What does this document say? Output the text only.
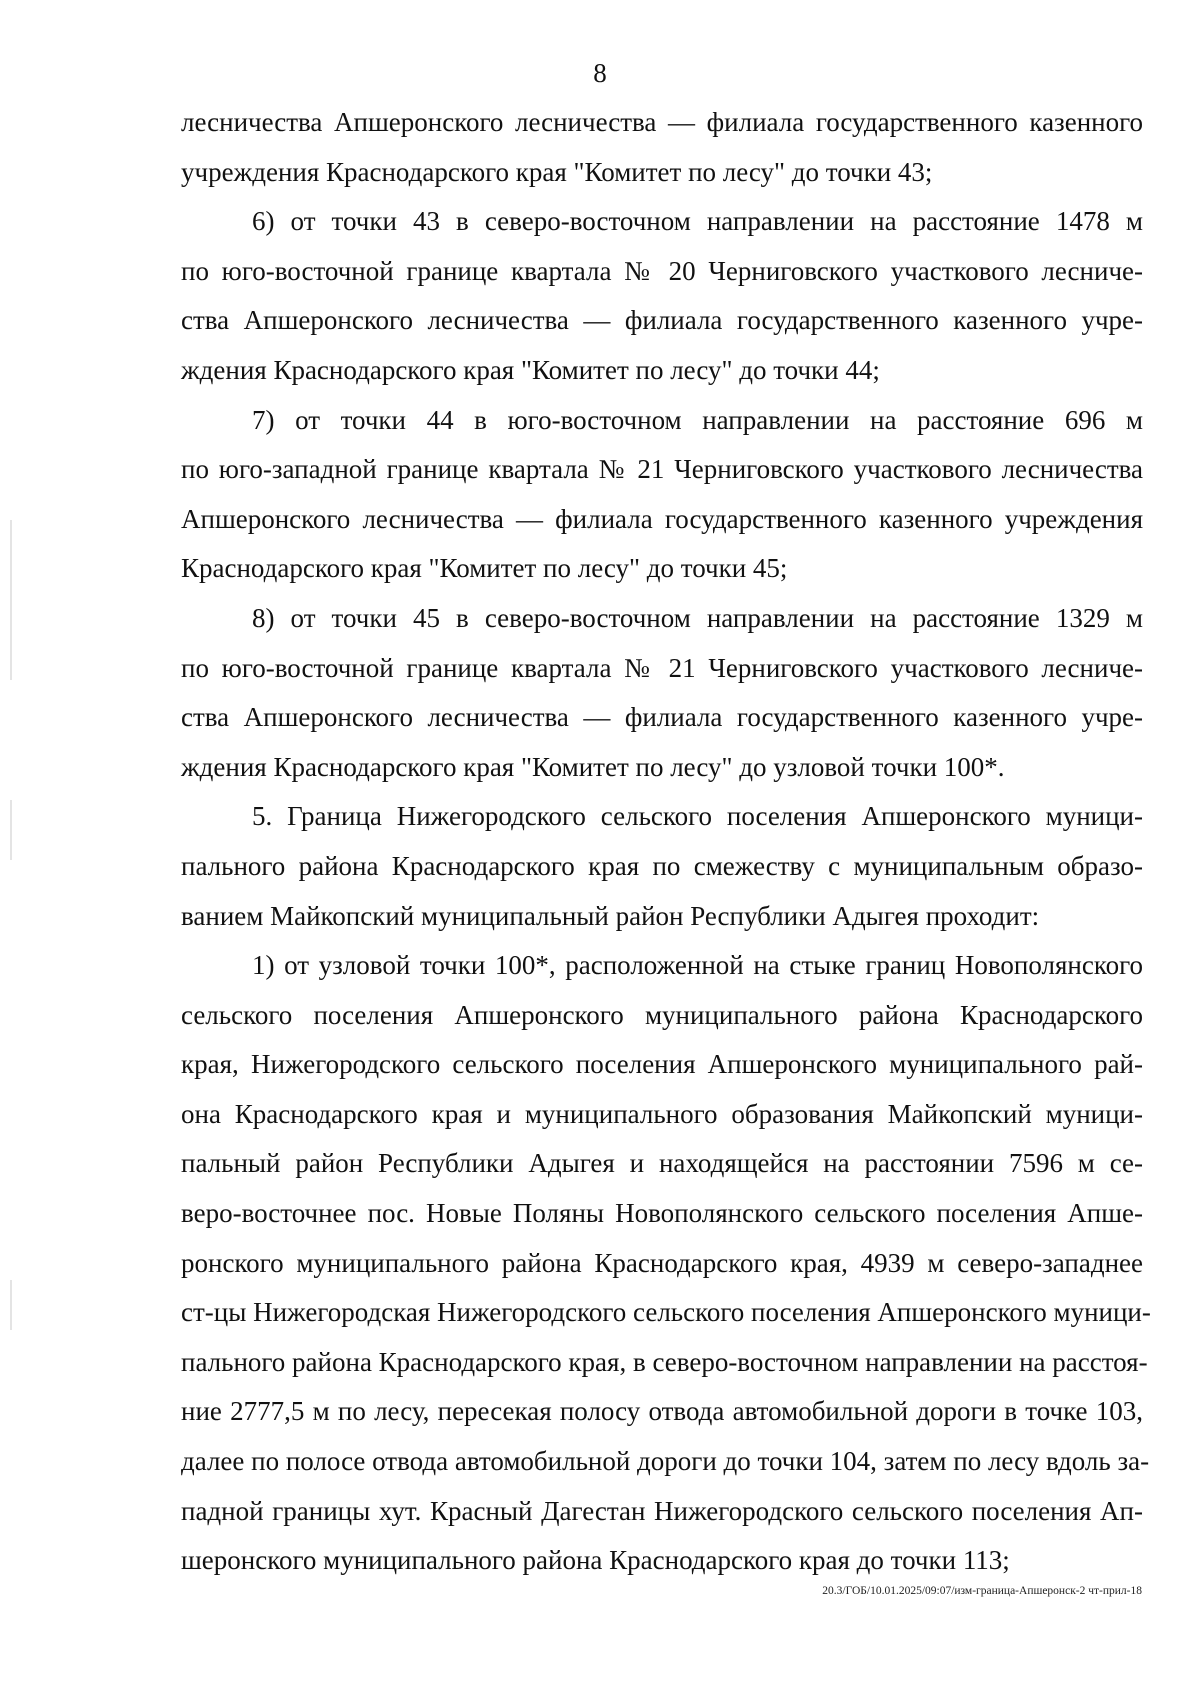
8
лесничества Апшеронского лесничества — филиала государственного казенного
учреждения Краснодарского края "Комитет по лесу" до точки 43;
6) от точки 43 в северо-восточном направлении на расстояние 1478 м
по юго-восточной границе квартала № 20 Черниговского участкового лесниче-
ства Апшеронского лесничества — филиала государственного казенного учре-
ждения Краснодарского края "Комитет по лесу" до точки 44;
7) от точки 44 в юго-восточном направлении на расстояние 696 м
по юго-западной границе квартала № 21 Черниговского участкового лесничества
Апшеронского лесничества — филиала государственного казенного учреждения
Краснодарского края "Комитет по лесу" до точки 45;
8) от точки 45 в северо-восточном направлении на расстояние 1329 м
по юго-восточной границе квартала № 21 Черниговского участкового лесниче-
ства Апшеронского лесничества — филиала государственного казенного учре-
ждения Краснодарского края "Комитет по лесу" до узловой точки 100*.
5. Граница Нижегородского сельского поселения Апшеронского муници-
пального района Краснодарского края по смежеству с муниципальным образо-
ванием Майкопский муниципальный район Республики Адыгея проходит:
1) от узловой точки 100*, расположенной на стыке границ Новополянского
сельского поселения Апшеронского муниципального района Краснодарского
края, Нижегородского сельского поселения Апшеронского муниципального рай-
она Краснодарского края и муниципального образования Майкопский муници-
пальный район Республики Адыгея и находящейся на расстоянии 7596 м се-
веро-восточнее пос. Новые Поляны Новополянского сельского поселения Апше-
ронского муниципального района Краснодарского края, 4939 м северо-западнее
ст-цы Нижегородская Нижегородского сельского поселения Апшеронского муници-
пального района Краснодарского края, в северо-восточном направлении на расстоя-
ние 2777,5 м по лесу, пересекая полосу отвода автомобильной дороги в точке 103,
далее по полосе отвода автомобильной дороги до точки 104, затем по лесу вдоль за-
падной границы хут. Красный Дагестан Нижегородского сельского поселения Ап-
шеронского муниципального района Краснодарского края до точки 113;
20.3/ГОБ/10.01.2025/09:07/изм-граница-Апшеронск-2 чт-прил-18
